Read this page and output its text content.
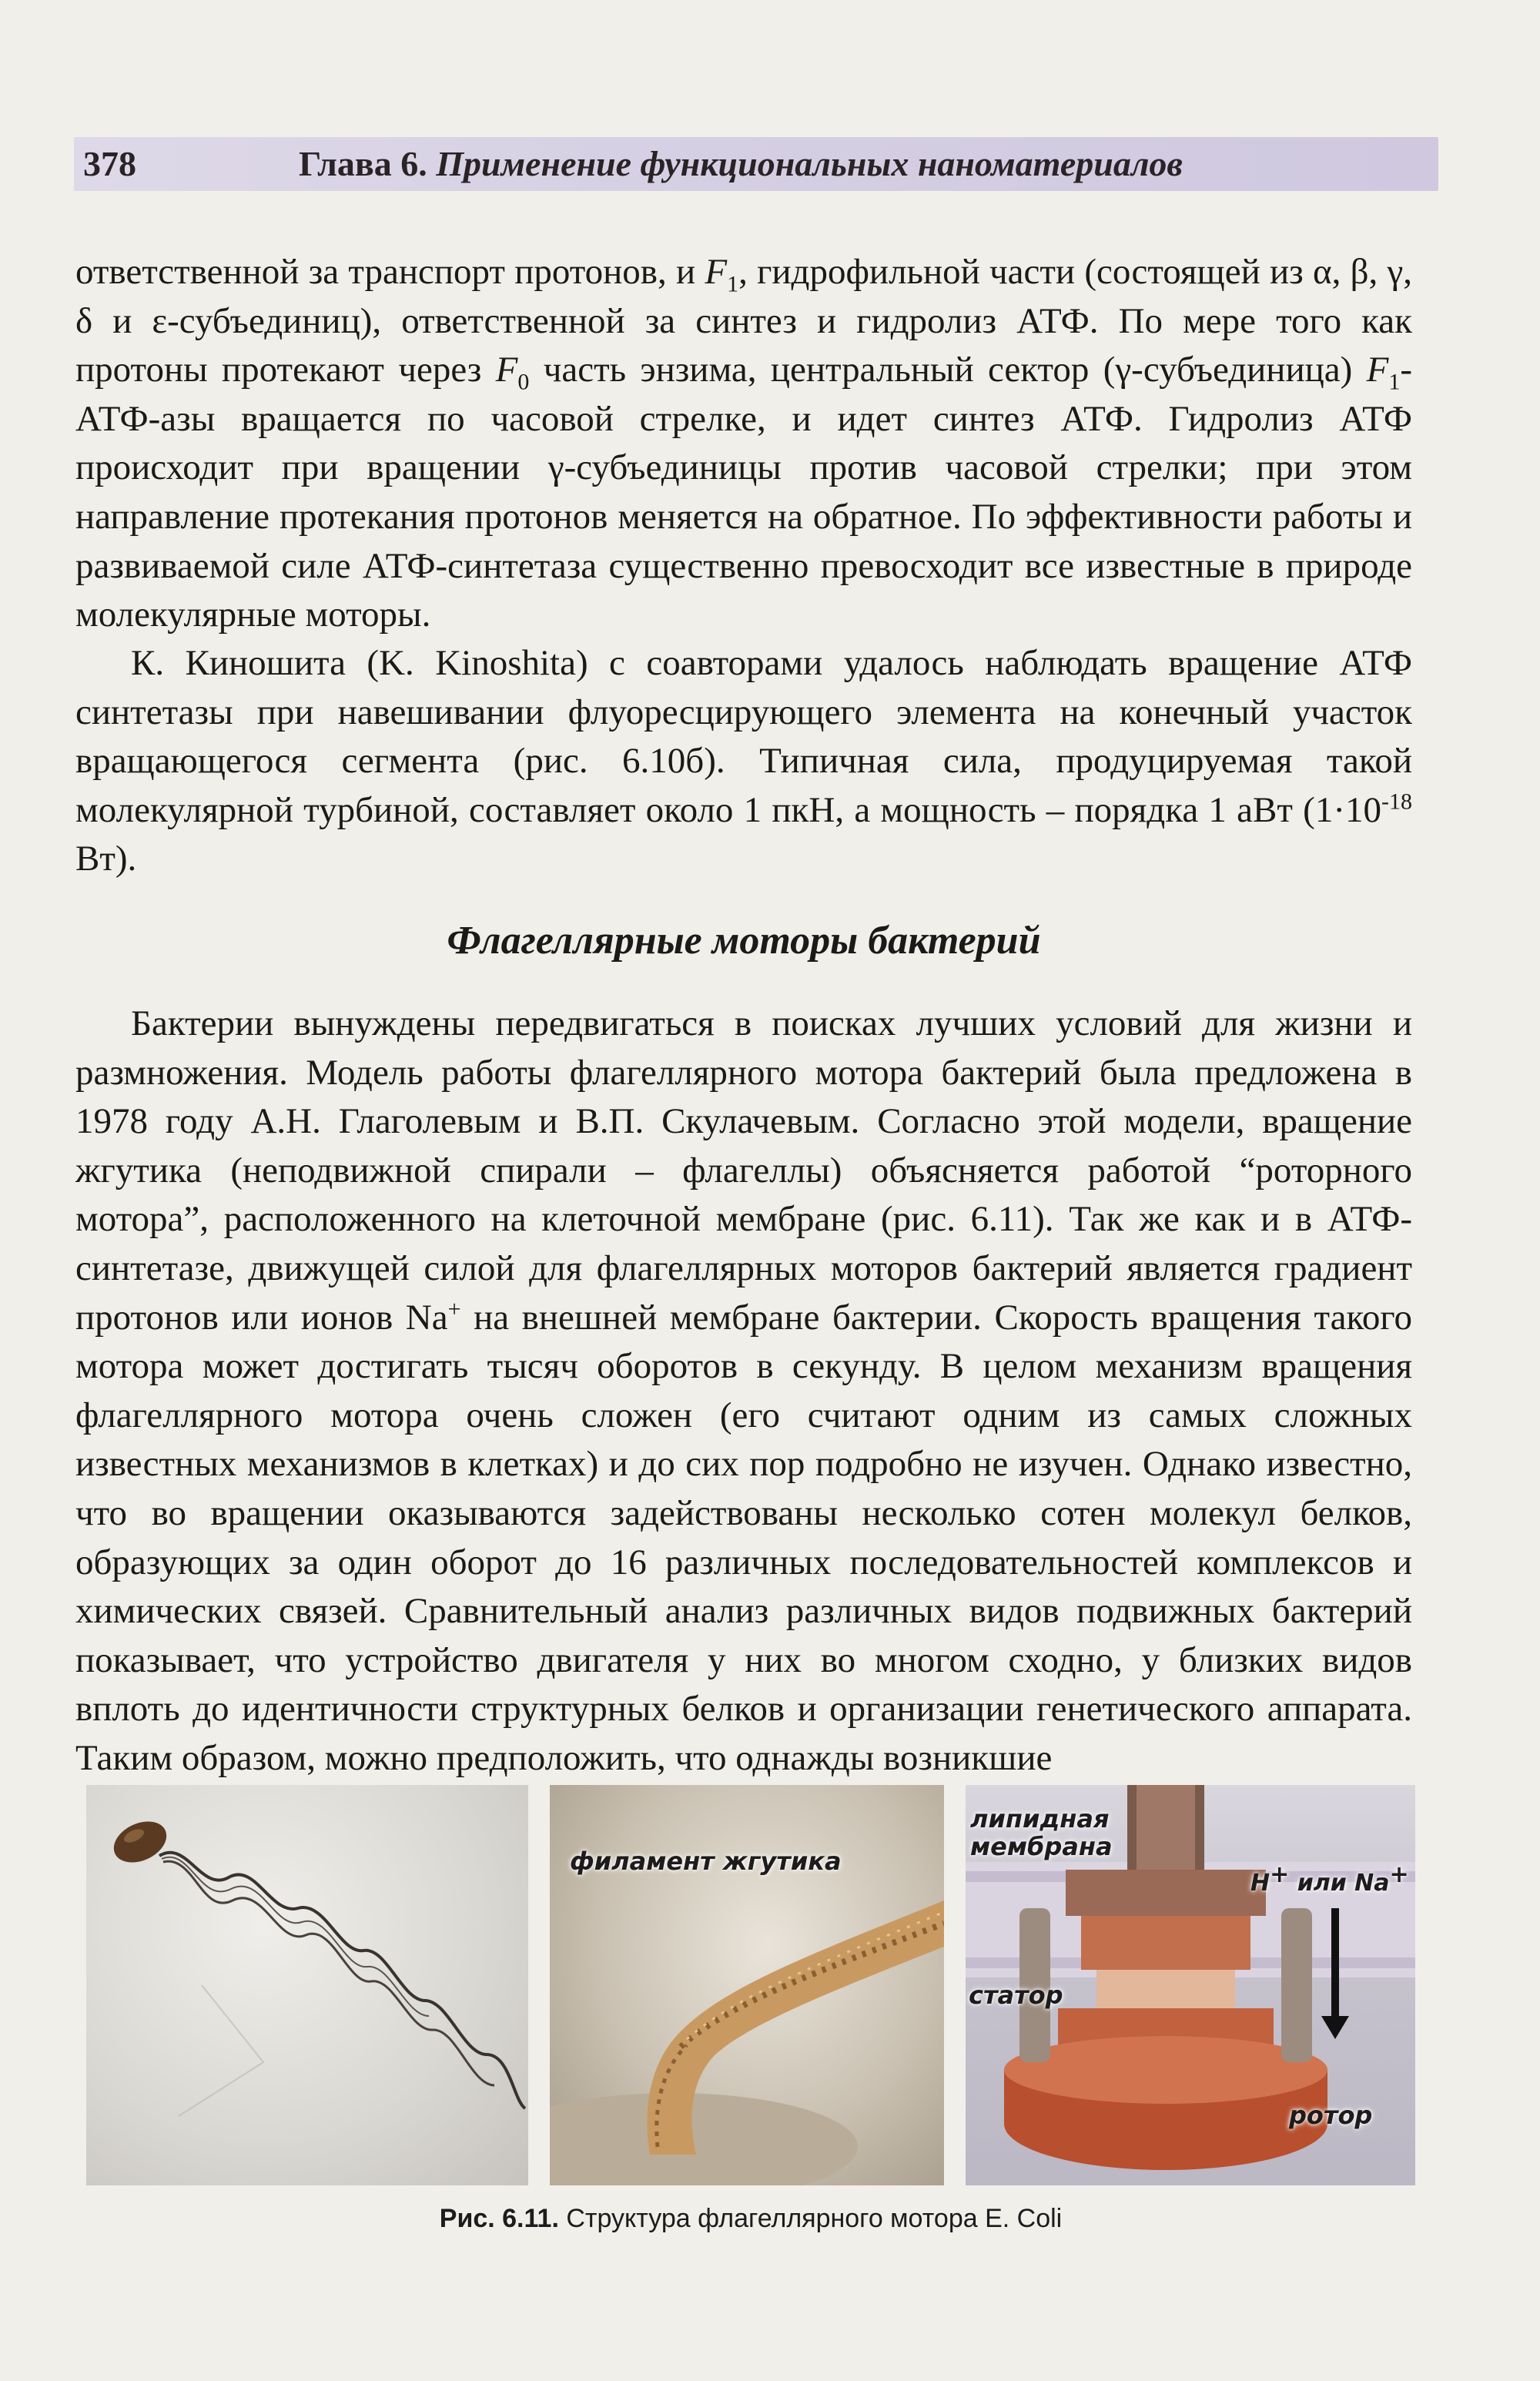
378	Глава 6. Применение функциональных наноматериалов

ответственной за транспорт протонов, и $F_1$, гидрофильной части (состоящей из α, β, γ, δ и ε-субъединиц), ответственной за синтез и гидролиз АТФ. По мере того как протоны протекают через $F_0$ часть энзима, центральный сектор (γ-субъединица) $F_1-АТФ$-азы вращается по часовой стрелке, и идет синтез АТФ. Гидролиз АТФ происходит при вращении γ-субъединицы против часовой стрелки; при этом направление протекания протонов меняется на обратное. По эффективности работы и развиваемой силе АТФ-синтетаза существенно превосходит все известные в природе молекулярные моторы.

К. Киношита (K. Kinoshita) с соавторами удалось наблюдать вращение АТФ синтетазы при навешивании флуоресцирующего элемента на конечный участок вращающегося сегмента (рис. 6.10б). Типичная сила, продуцируемая такой молекулярной турбиной, составляет около 1 пкН, а мощность – порядка 1 аВт ($1\cdot 10^{-18}$ Вт).

Флагеллярные моторы бактерий

Бактерии вынуждены передвигаться в поисках лучших условий для жизни и размножения. Модель работы флагеллярного мотора бактерий была предложена в 1978 году А.Н. Глаголевым и В.П. Скулачевым. Согласно этой модели, вращение жгутика (неподвижной спирали – флагеллы) объясняется работой “роторного мотора”, расположенного на клеточной мембране (рис. 6.11). Так же как и в АТФ-синтетазе, движущей силой для флагеллярных моторов бактерий является градиент протонов или ионов Na+ на внешней мембране бактерии. Скорость вращения такого мотора может достигать тысяч оборотов в секунду. В целом механизм вращения флагеллярного мотора очень сложен (его считают одним из самых сложных известных механизмов в клетках) и до сих пор подробно не изучен. Однако известно, что во вращении оказываются задействованы несколько сотен молекул белков, образующих за один оборот до 16 различных последовательностей комплексов и химических связей. Сравнительный анализ различных видов подвижных бактерий показывает, что устройство двигателя у них во многом сходно, у близких видов вплоть до идентичности структурных белков и организации генетического аппарата. Таким образом, можно предположить, что однажды возникшие

филамент жгутика
липидная
мембрана
H+ или Na+
статор
ротор
Рис. 6.11. Структура флагеллярного мотора E. Coli
